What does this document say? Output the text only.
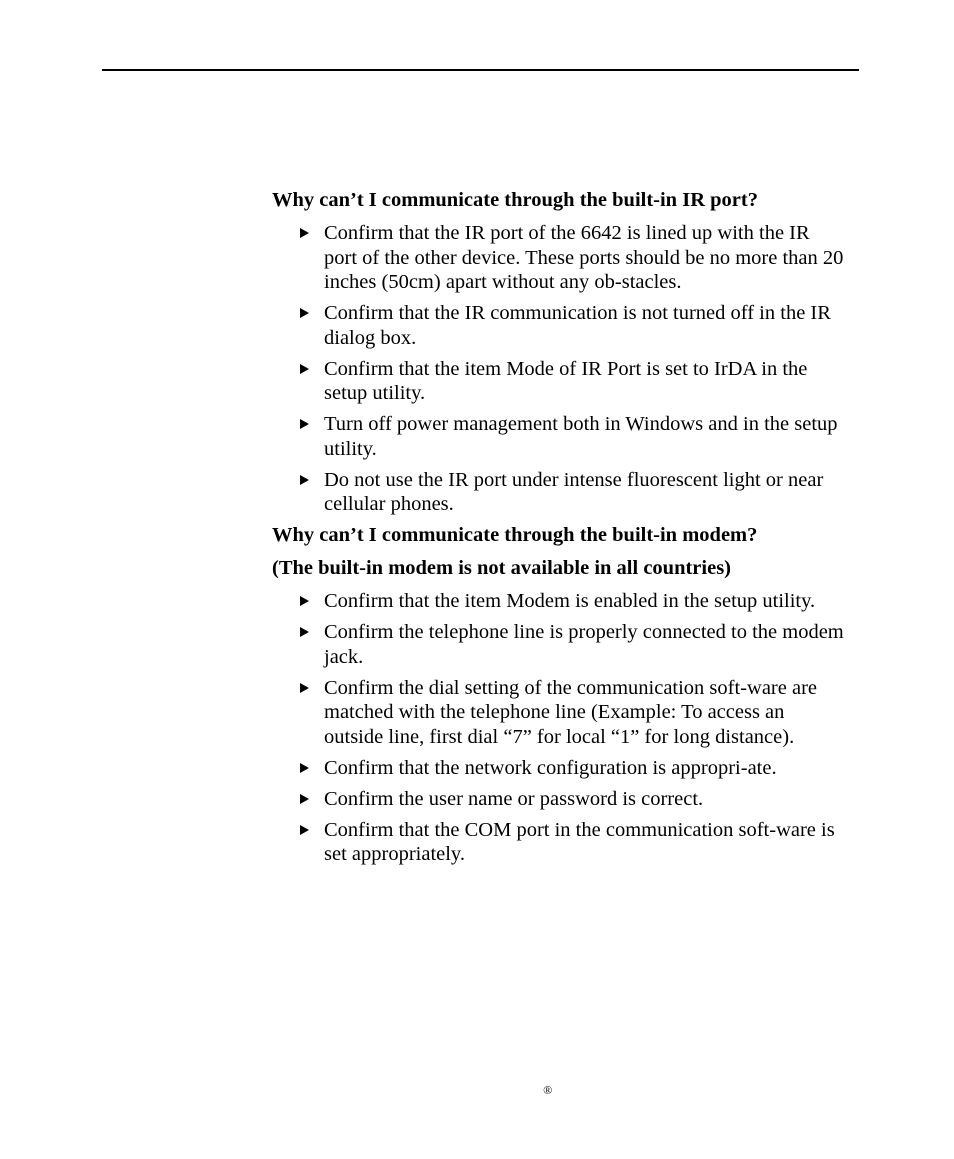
Why can’t I communicate through the built-in IR port?
Confirm that the IR port of the 6642 is lined up with the IR port of the other device. These ports should be no more than 20 inches (50cm) apart without any ob-stacles.
Confirm that the IR communication is not turned off in the IR dialog box.
Confirm that the item Mode of IR Port is set to IrDA in the setup utility.
Turn off power management both in Windows and in the setup utility.
Do not use the IR port under intense fluorescent light or near cellular phones.
Why can’t I communicate through the built-in modem?
(The built-in modem is not available in all countries)
Confirm that the item Modem is enabled in the setup utility.
Confirm the telephone line is properly connected to the modem jack.
Confirm the dial setting of the communication soft-ware are matched with the telephone line (Example: To access an outside line, first dial “7” for local “1” for long distance).
Confirm that the network configuration is appropri-ate.
Confirm the user name or password is correct.
Confirm that the COM port in the communication soft-ware is set appropriately.
®
